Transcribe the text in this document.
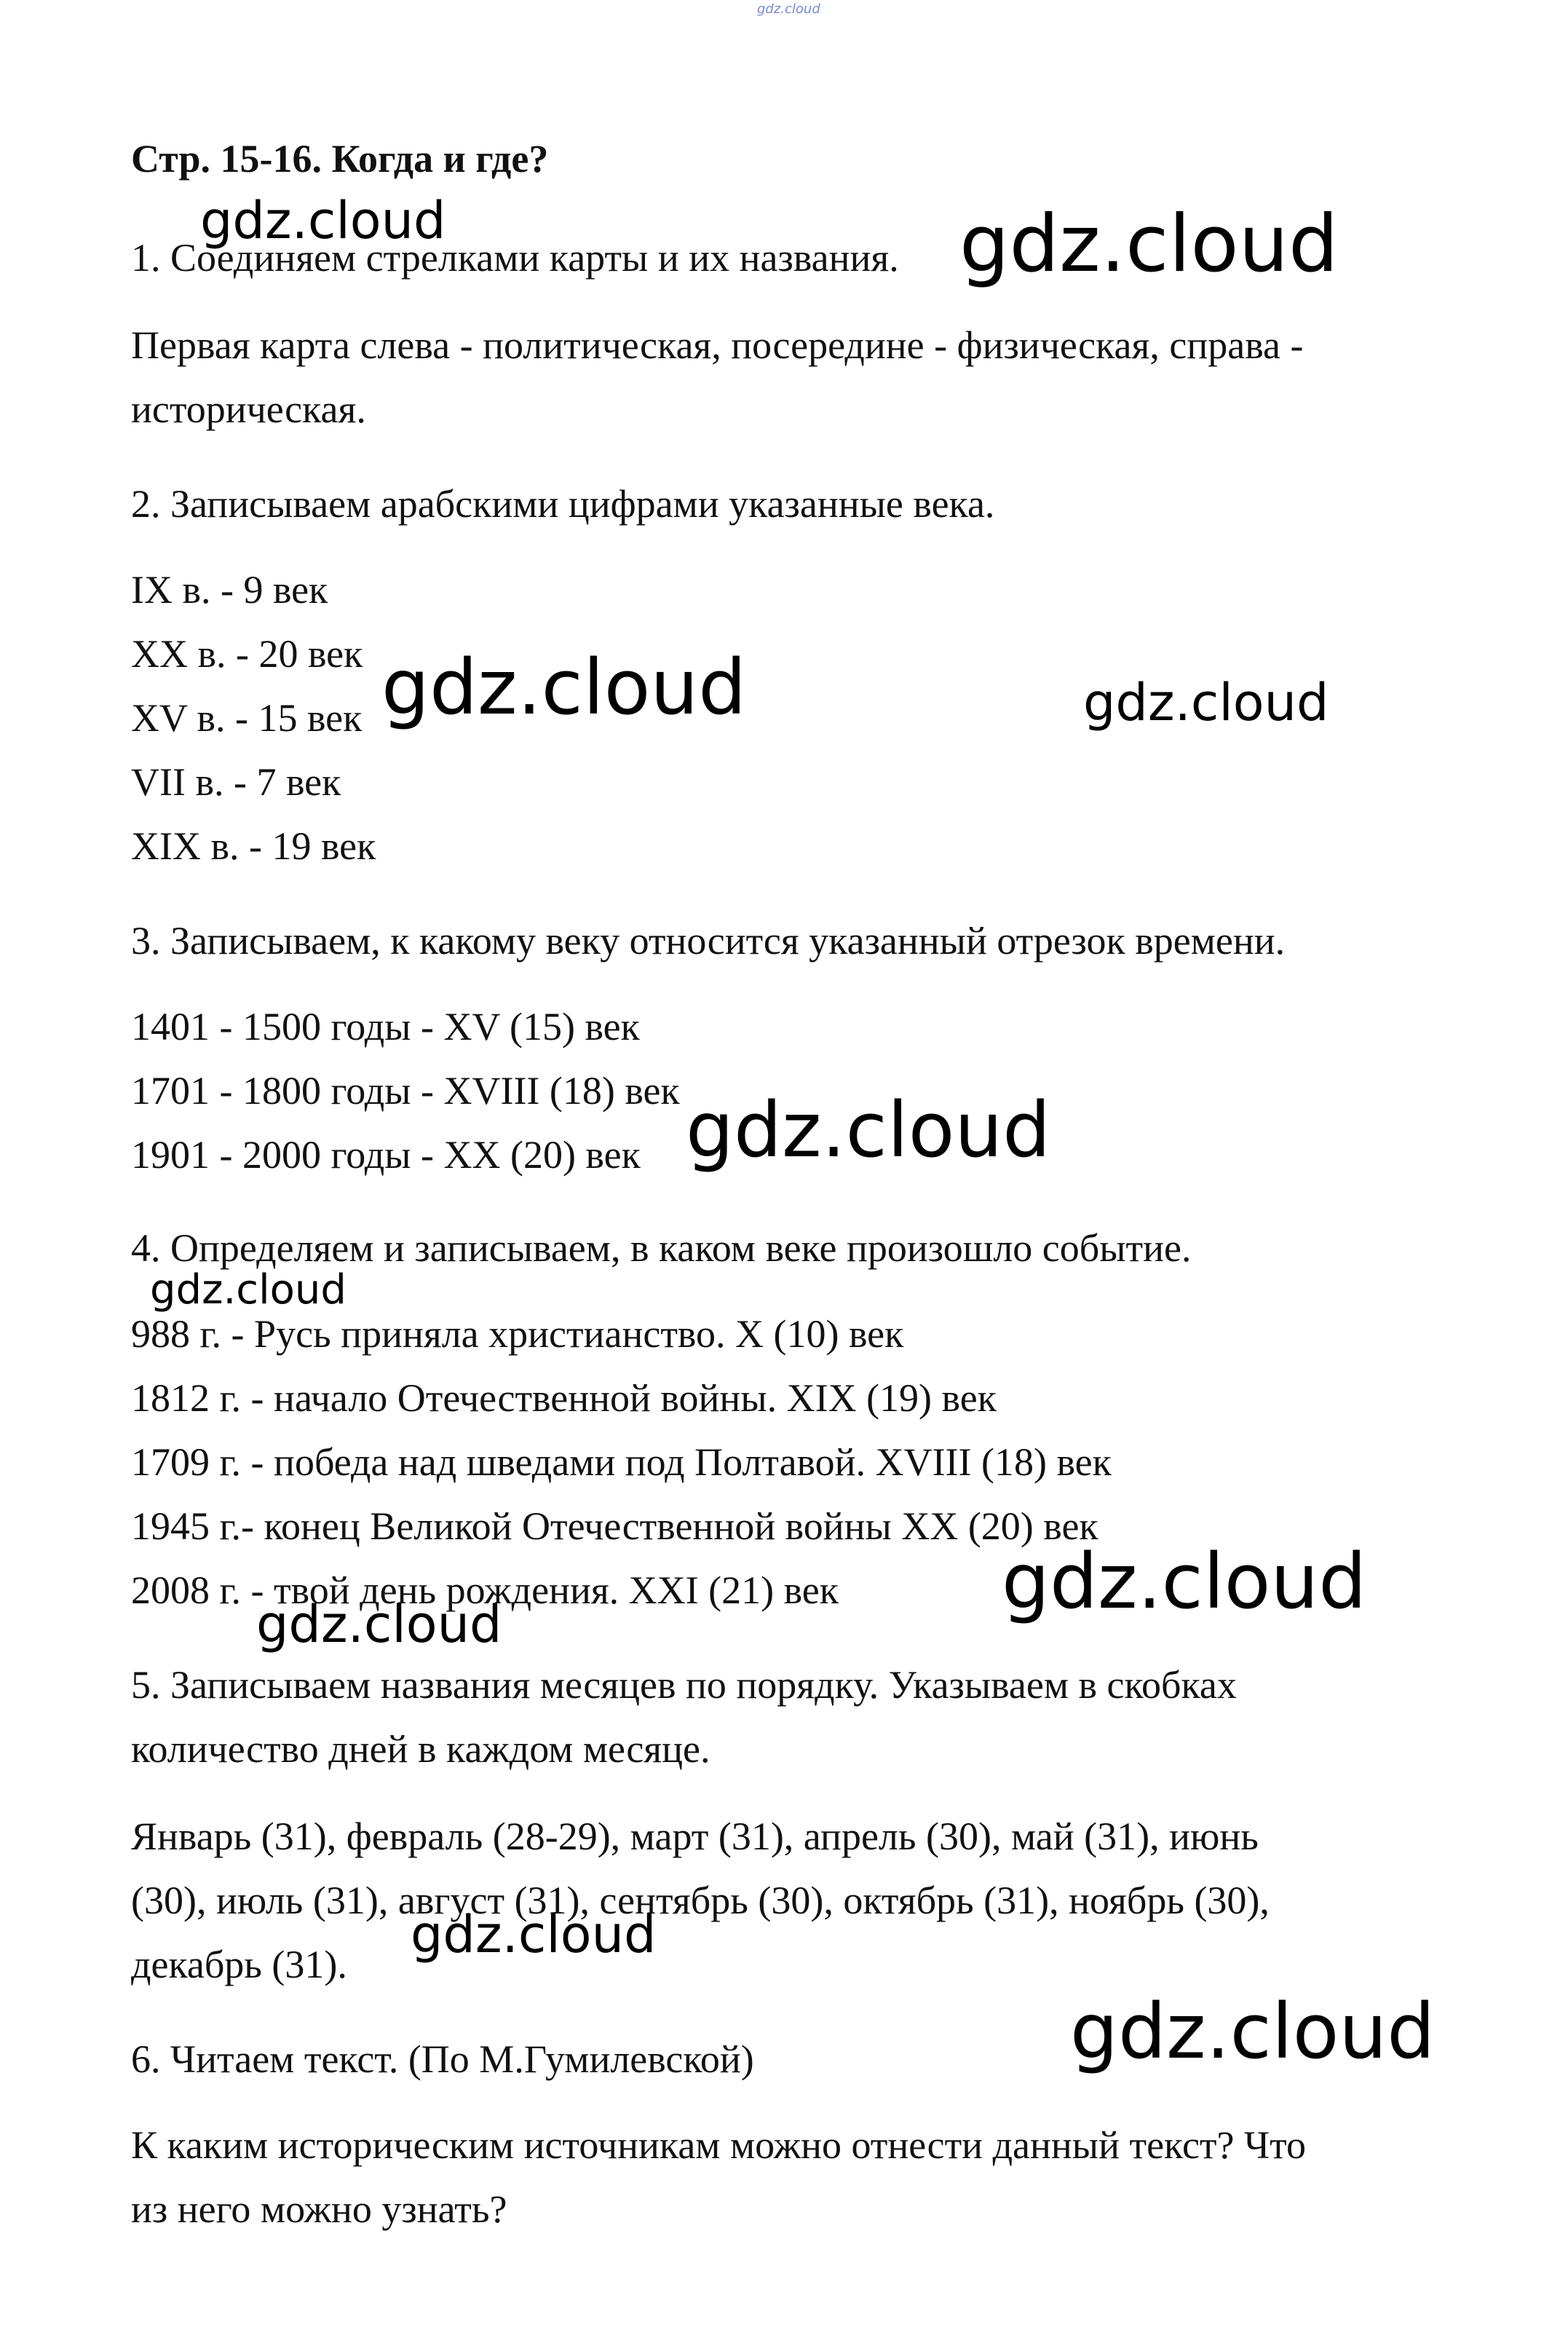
gdz.cloud
Стр. 15-16. Когда и где?
1. Соединяем стрелками карты и их названия.
Первая карта слева - политическая, посередине - физическая, справа -
историческая.
2. Записываем арабскими цифрами указанные века.
IX в. - 9 век
XX в. - 20 век
XV в. - 15 век
VII в. - 7 век
XIX в. - 19 век
3. Записываем, к какому веку относится указанный отрезок времени.
1401 - 1500 годы - XV (15) век
1701 - 1800 годы - XVIII (18) век
1901 - 2000 годы - XX (20) век
4. Определяем и записываем, в каком веке произошло событие.
988 г. - Русь приняла христианство. X (10) век
1812 г. - начало Отечественной войны. XIX (19) век
1709 г. - победа над шведами под Полтавой. XVIII (18) век
1945 г.- конец Великой Отечественной войны XX (20) век
2008 г. - твой день рождения. XXI (21) век
5. Записываем названия месяцев по порядку. Указываем в скобках
количество дней в каждом месяце.
Январь (31), февраль (28-29), март (31), апрель (30), май (31), июнь
(30), июль (31), август (31), сентябрь (30), октябрь (31), ноябрь (30),
декабрь (31).
6. Читаем текст. (По М.Гумилевской)
К каким историческим источникам можно отнести данный текст? Что
из него можно узнать?
gdz.cloud	gdz.cloud
gdz.cloud	gdz.cloud
gdz.cloud
gdz.cloud
gdz.cloud
gdz.cloud
gdz.cloud
gdz.cloud
